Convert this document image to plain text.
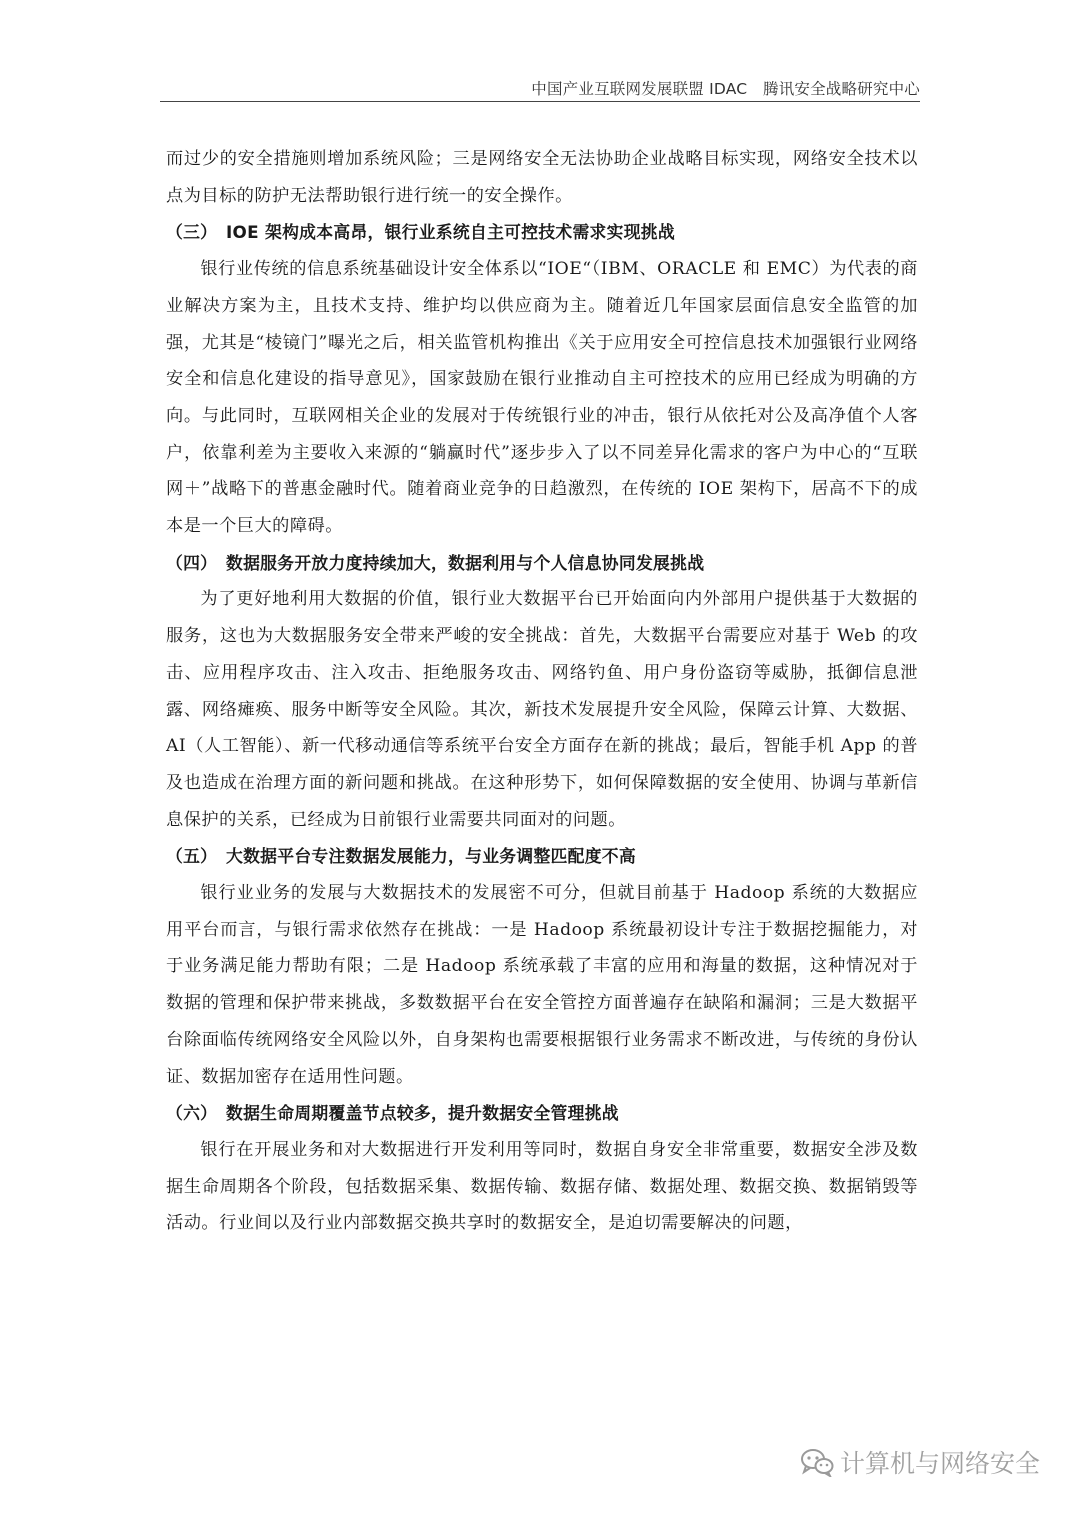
中国产业互联网发展联盟 IDAC　腾讯安全战略研究中心

而过少的安全措施则增加系统风险；三是网络安全无法协助企业战略目标实现，网络安全技术以点为目标的防护无法帮助银行进行统一的安全操作。

（三） IOE 架构成本高昂，银行业系统自主可控技术需求实现挑战

银行业传统的信息系统基础设计安全体系以“IOE“（IBM、ORACLE 和 EMC）为代表的商业解决方案为主，且技术支持、维护均以供应商为主。随着近几年国家层面信息安全监管的加强，尤其是“棱镜门”曝光之后，相关监管机构推出《关于应用安全可控信息技术加强银行业网络安全和信息化建设的指导意见》，国家鼓励在银行业推动自主可控技术的应用已经成为明确的方向。与此同时，互联网相关企业的发展对于传统银行业的冲击，银行从依托对公及高净值个人客户，依靠利差为主要收入来源的“躺赢时代”逐步步入了以不同差异化需求的客户为中心的“互联网＋”战略下的普惠金融时代。随着商业竞争的日趋激烈，在传统的 IOE 架构下，居高不下的成本是一个巨大的障碍。

（四） 数据服务开放力度持续加大，数据利用与个人信息协同发展挑战

为了更好地利用大数据的价值，银行业大数据平台已开始面向内外部用户提供基于大数据的服务，这也为大数据服务安全带来严峻的安全挑战：首先，大数据平台需要应对基于 Web 的攻击、应用程序攻击、注入攻击、拒绝服务攻击、网络钓鱼、用户身份盗窃等威胁，抵御信息泄露、网络瘫痪、服务中断等安全风险。其次，新技术发展提升安全风险，保障云计算、大数据、AI（人工智能）、新一代移动通信等系统平台安全方面存在新的挑战；最后，智能手机 App 的普及也造成在治理方面的新问题和挑战。在这种形势下，如何保障数据的安全使用、协调与革新信息保护的关系，已经成为日前银行业需要共同面对的问题。

（五） 大数据平台专注数据发展能力，与业务调整匹配度不高

银行业业务的发展与大数据技术的发展密不可分，但就目前基于 Hadoop 系统的大数据应用平台而言，与银行需求依然存在挑战：一是 Hadoop 系统最初设计专注于数据挖掘能力，对于业务满足能力帮助有限；二是 Hadoop 系统承载了丰富的应用和海量的数据，这种情况对于数据的管理和保护带来挑战，多数数据平台在安全管控方面普遍存在缺陷和漏洞；三是大数据平台除面临传统网络安全风险以外，自身架构也需要根据银行业务需求不断改进，与传统的身份认证、数据加密存在适用性问题。

（六） 数据生命周期覆盖节点较多，提升数据安全管理挑战

银行在开展业务和对大数据进行开发利用等同时，数据自身安全非常重要，数据安全涉及数据生命周期各个阶段，包括数据采集、数据传输、数据存储、数据处理、数据交换、数据销毁等活动。行业间以及行业内部数据交换共享时的数据安全，是迫切需要解决的问题，

计算机与网络安全
